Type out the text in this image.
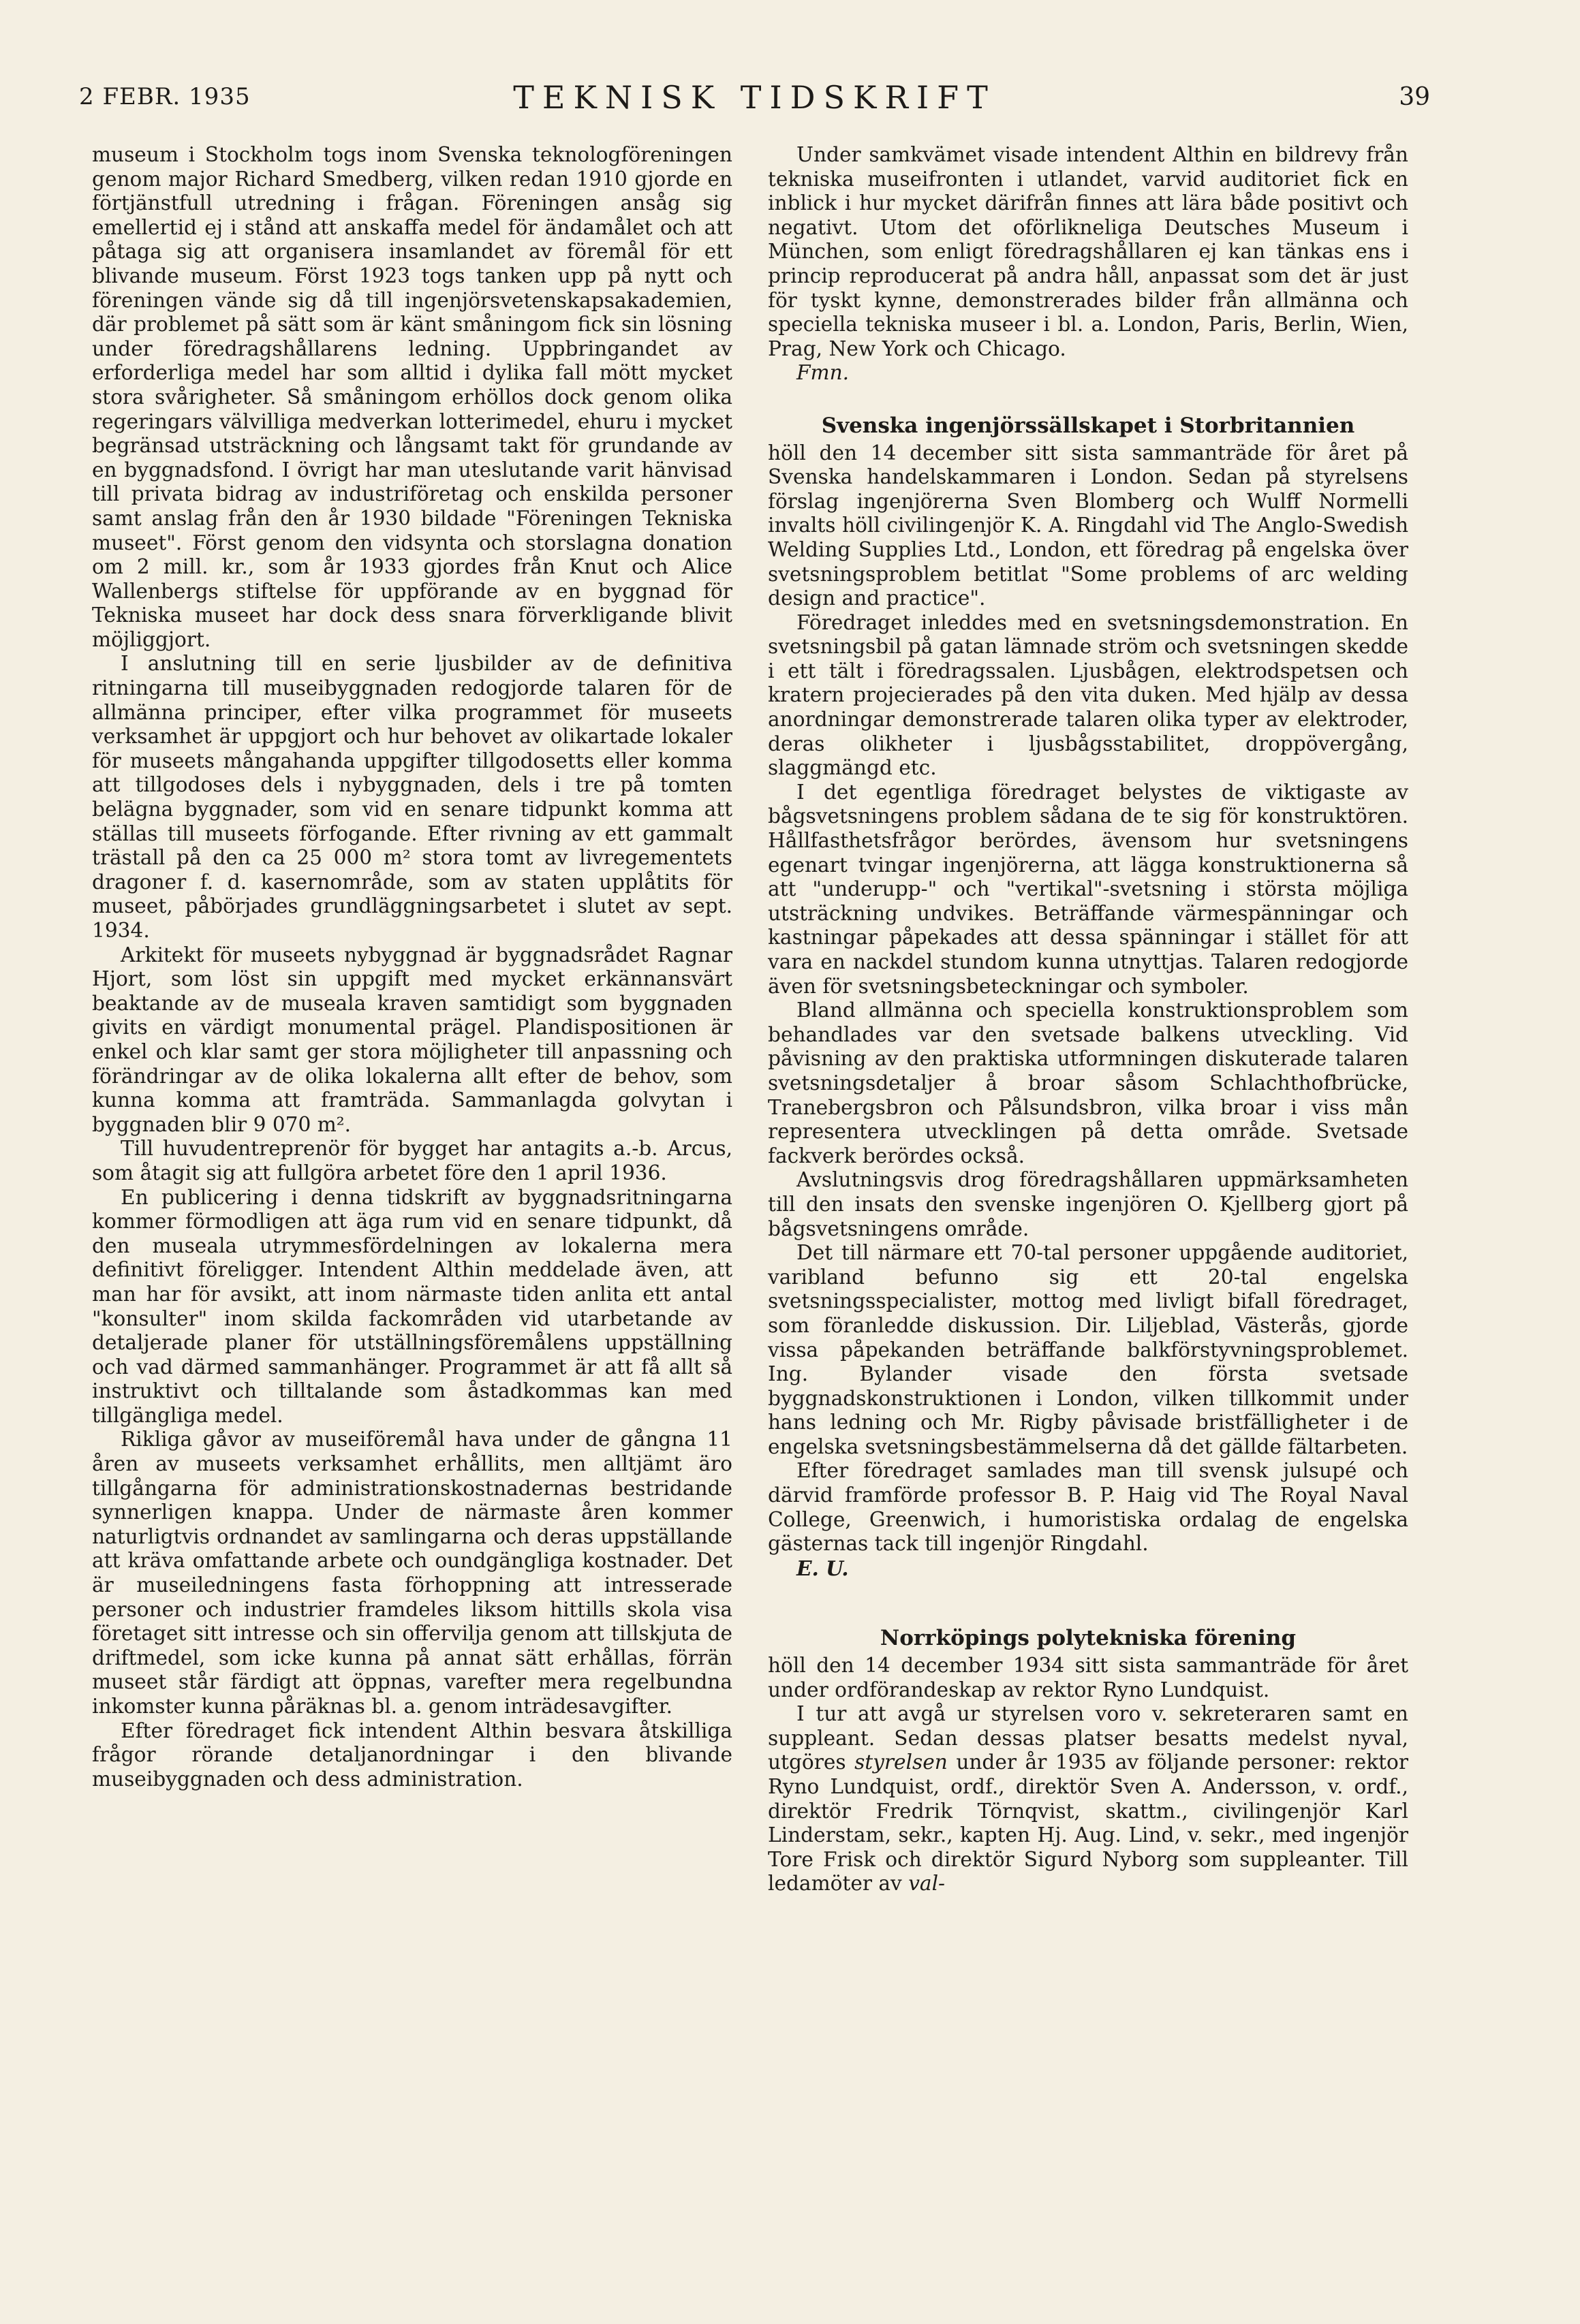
2 FEBR. 1935	TEKNISK TIDSKRIFT	39

museum i Stockholm togs inom Svenska teknologföreningen genom major Richard Smedberg, vilken redan 1910 gjorde en förtjänstfull utredning i frågan. Föreningen ansåg sig emellertid ej i stånd att anskaffa medel för ändamålet och att påtaga sig att organisera insamlandet av föremål för ett blivande museum. Först 1923 togs tanken upp på nytt och föreningen vände sig då till ingenjörsvetenskapsakademien, där problemet på sätt som är känt småningom fick sin lösning under föredragshållarens ledning. Uppbringandet av erforderliga medel har som alltid i dylika fall mött mycket stora svårigheter. Så småningom erhöllos dock genom olika regeringars välvilliga medverkan lotterimedel, ehuru i mycket begränsad utsträckning och långsamt takt för grundande av en byggnadsfond. I övrigt har man uteslutande varit hänvisad till privata bidrag av industriföretag och enskilda personer samt anslag från den år 1930 bildade "Föreningen Tekniska museet". Först genom den vidsynta och storslagna donation om 2 mill. kr., som år 1933 gjordes från Knut och Alice Wallenbergs stiftelse för uppförande av en byggnad för Tekniska museet har dock dess snara förverkligande blivit möjliggjort.

I anslutning till en serie ljusbilder av de definitiva ritningarna till museibyggnaden redogjorde talaren för de allmänna principer, efter vilka programmet för museets verksamhet är uppgjort och hur behovet av olikartade lokaler för museets mångahanda uppgifter tillgodosetts eller komma att tillgodoses dels i nybyggnaden, dels i tre på tomten belägna byggnader, som vid en senare tidpunkt komma att ställas till museets förfogande. Efter rivning av ett gammalt trästall på den ca 25 000 m² stora tomt av livregementets dragoner f. d. kasernområde, som av staten upplåtits för museet, påbörjades grundläggningsarbetet i slutet av sept. 1934.

Arkitekt för museets nybyggnad är byggnadsrådet Ragnar Hjort, som löst sin uppgift med mycket erkännansvärt beaktande av de museala kraven samtidigt som byggnaden givits en värdigt monumental prägel. Plandispositionen är enkel och klar samt ger stora möjligheter till anpassning och förändringar av de olika lokalerna allt efter de behov, som kunna komma att framträda. Sammanlagda golvytan i byggnaden blir 9 070 m².

Till huvudentreprenör för bygget har antagits a.-b. Arcus, som åtagit sig att fullgöra arbetet före den 1 april 1936.

En publicering i denna tidskrift av byggnadsritningarna kommer förmodligen att äga rum vid en senare tidpunkt, då den museala utrymmesfördelningen av lokalerna mera definitivt föreligger. Intendent Althin meddelade även, att man har för avsikt, att inom närmaste tiden anlita ett antal "konsulter" inom skilda fackområden vid utarbetande av detaljerade planer för utställningsföremålens uppställning och vad därmed sammanhänger. Programmet är att få allt så instruktivt och tilltalande som åstadkommas kan med tillgängliga medel.

Rikliga gåvor av museiföremål hava under de gångna 11 åren av museets verksamhet erhållits, men alltjämt äro tillgångarna för administrationskostnadernas bestridande synnerligen knappa. Under de närmaste åren kommer naturligtvis ordnandet av samlingarna och deras uppställande att kräva omfattande arbete och oundgängliga kostnader. Det är museiledningens fasta förhoppning att intresserade personer och industrier framdeles liksom hittills skola visa företaget sitt intresse och sin offervilja genom att tillskjuta de driftmedel, som icke kunna på annat sätt erhållas, förrän museet står färdigt att öppnas, varefter mera regelbundna inkomster kunna påräknas bl. a. genom inträdesavgifter.

Efter föredraget fick intendent Althin besvara åtskilliga frågor rörande detaljanordningar i den blivande museibyggnaden och dess administration.

Under samkvämet visade intendent Althin en bildrevy från tekniska museifronten i utlandet, varvid auditoriet fick en inblick i hur mycket därifrån finnes att lära både positivt och negativt. Utom det oförlikneliga Deutsches Museum i München, som enligt föredragshållaren ej kan tänkas ens i princip reproducerat på andra håll, anpassat som det är just för tyskt kynne, demonstrerades bilder från allmänna och speciella tekniska museer i bl. a. London, Paris, Berlin, Wien, Prag, New York och Chicago.

Fmn.

Svenska ingenjörssällskapet i Storbritannien

höll den 14 december sitt sista sammanträde för året på Svenska handelskammaren i London. Sedan på styrelsens förslag ingenjörerna Sven Blomberg och Wulff Normelli invalts höll civilingenjör K. A. Ringdahl vid The Anglo-Swedish Welding Supplies Ltd., London, ett föredrag på engelska över svetsningsproblem betitlat "Some problems of arc welding design and practice".

Föredraget inleddes med en svetsningsdemonstration. En svetsningsbil på gatan lämnade ström och svetsningen skedde i ett tält i föredragssalen. Ljusbågen, elektrodspetsen och kratern projecierades på den vita duken. Med hjälp av dessa anordningar demonstrerade talaren olika typer av elektroder, deras olikheter i ljusbågsstabilitet, droppövergång, slaggmängd etc.

I det egentliga föredraget belystes de viktigaste av bågsvetsningens problem sådana de te sig för konstruktören. Hållfasthetsfrågor berördes, ävensom hur svetsningens egenart tvingar ingenjörerna, att lägga konstruktionerna så att "underupp-" och "vertikal"-svetsning i största möjliga utsträckning undvikes. Beträffande värmespänningar och kastningar påpekades att dessa spänningar i stället för att vara en nackdel stundom kunna utnyttjas. Talaren redogjorde även för svetsningsbeteckningar och symboler.

Bland allmänna och speciella konstruktionsproblem som behandlades var den svetsade balkens utveckling. Vid påvisning av den praktiska utformningen diskuterade talaren svetsningsdetaljer å broar såsom Schlachthofbrücke, Tranebergsbron och Pålsundsbron, vilka broar i viss mån representera utvecklingen på detta område. Svetsade fackverk berördes också.

Avslutningsvis drog föredragshållaren uppmärksamheten till den insats den svenske ingenjören O. Kjellberg gjort på bågsvetsningens område.

Det till närmare ett 70-tal personer uppgående auditoriet, varibland befunno sig ett 20-tal engelska svetsningsspecialister, mottog med livligt bifall föredraget, som föranledde diskussion. Dir. Liljeblad, Västerås, gjorde vissa påpekanden beträffande balkförstyvningsproblemet. Ing. Bylander visade den första svetsade byggnadskonstruktionen i London, vilken tillkommit under hans ledning och Mr. Rigby påvisade bristfälligheter i de engelska svetsningsbestämmelserna då det gällde fältarbeten.

Efter föredraget samlades man till svensk julsupé och därvid framförde professor B. P. Haig vid The Royal Naval College, Greenwich, i humoristiska ordalag de engelska gästernas tack till ingenjör Ringdahl.

E. U.

Norrköpings polytekniska förening

höll den 14 december 1934 sitt sista sammanträde för året under ordförandeskap av rektor Ryno Lundquist.

I tur att avgå ur styrelsen voro v. sekreteraren samt en suppleant. Sedan dessas platser besatts medelst nyval, utgöres styrelsen under år 1935 av följande personer: rektor Ryno Lundquist, ordf., direktör Sven A. Andersson, v. ordf., direktör Fredrik Törnqvist, skattm., civilingenjör Karl Linderstam, sekr., kapten Hj. Aug. Lind, v. sekr., med ingenjör Tore Frisk och direktör Sigurd Nyborg som suppleanter. Till ledamöter av val-
